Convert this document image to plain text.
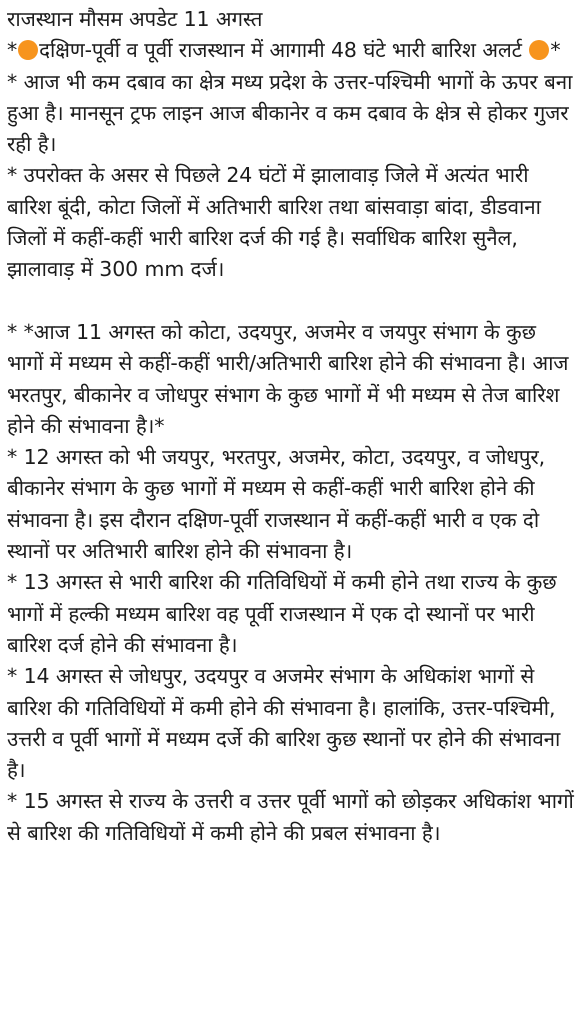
राजस्थान मौसम अपडेट 11 अगस्त

* दक्षिण-पूर्वी व पूर्वी राजस्थान में आगामी 48 घंटे भारी बारिश अलर्ट *

* आज भी कम दबाव का क्षेत्र मध्य प्रदेश के उत्तर-पश्चिमी भागों के ऊपर बना हुआ है। मानसून ट्रफ लाइन आज बीकानेर व कम दबाव के क्षेत्र से होकर गुजर रही है।

* उपरोक्त के असर से पिछले 24 घंटों में झालावाड़ जिले में अत्यंत भारी बारिश बूंदी, कोटा जिलों में अतिभारी बारिश तथा बांसवाड़ा बांदा, डीडवाना जिलों में कहीं-कहीं भारी बारिश दर्ज की गई है। सर्वाधिक बारिश सुनैल, झालावाड़ में 300 mm दर्ज।

* *आज 11 अगस्त को कोटा, उदयपुर, अजमेर व जयपुर संभाग के कुछ भागों में मध्यम से कहीं-कहीं भारी/अतिभारी बारिश होने की संभावना है। आज भरतपुर, बीकानेर व जोधपुर संभाग के कुछ भागों में भी मध्यम से तेज बारिश होने की संभावना है।*

* 12 अगस्त को भी जयपुर, भरतपुर, अजमेर, कोटा, उदयपुर, व जोधपुर, बीकानेर संभाग के कुछ भागों में मध्यम से कहीं-कहीं भारी बारिश होने की संभावना है। इस दौरान दक्षिण-पूर्वी राजस्थान में कहीं-कहीं भारी व एक दो स्थानों पर अतिभारी बारिश होने की संभावना है।

* 13 अगस्त से भारी बारिश की गतिविधियों में कमी होने तथा राज्य के कुछ भागों में हल्की मध्यम बारिश वह पूर्वी राजस्थान में एक दो स्थानों पर भारी बारिश दर्ज होने की संभावना है।

* 14 अगस्त से जोधपुर, उदयपुर व अजमेर संभाग के अधिकांश भागों से बारिश की गतिविधियों में कमी होने की संभावना है। हालांकि, उत्तर-पश्चिमी, उत्तरी व पूर्वी भागों में मध्यम दर्जे की बारिश कुछ स्थानों पर होने की संभावना है।

* 15 अगस्त से राज्य के उत्तरी व उत्तर पूर्वी भागों को छोड़कर अधिकांश भागों से बारिश की गतिविधियों में कमी होने की प्रबल संभावना है।
